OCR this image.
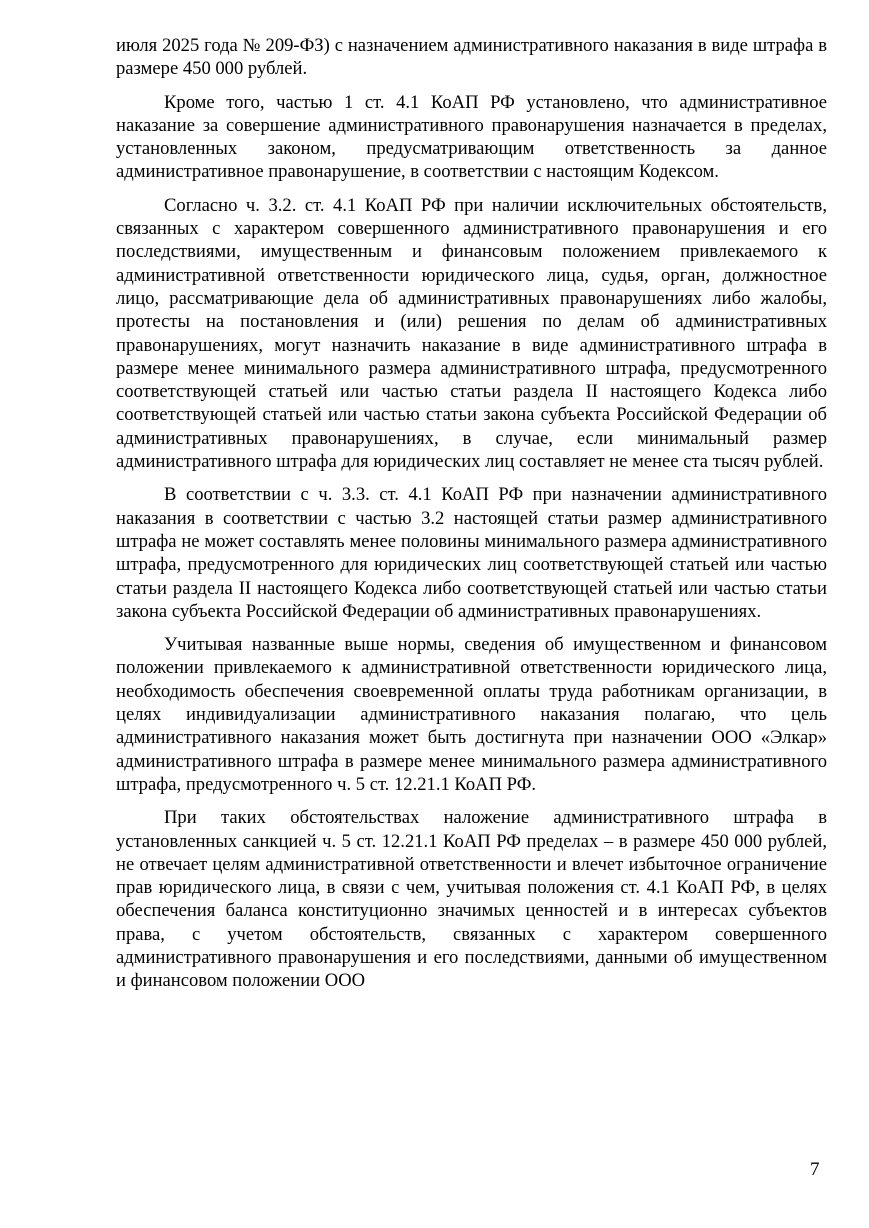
июля 2025 года № 209-ФЗ) с назначением административного наказания в виде штрафа в размере 450 000 рублей.

Кроме того, частью 1 ст. 4.1 КоАП РФ установлено, что административное наказание за совершение административного правонарушения назначается в пределах, установленных законом, предусматривающим ответственность за данное административное правонарушение, в соответствии с настоящим Кодексом.

Согласно ч. 3.2. ст. 4.1 КоАП РФ при наличии исключительных обстоятельств, связанных с характером совершенного административного правонарушения и его последствиями, имущественным и финансовым положением привлекаемого к административной ответственности юридического лица, судья, орган, должностное лицо, рассматривающие дела об административных правонарушениях либо жалобы, протесты на постановления и (или) решения по делам об административных правонарушениях, могут назначить наказание в виде административного штрафа в размере менее минимального размера административного штрафа, предусмотренного соответствующей статьей или частью статьи раздела II настоящего Кодекса либо соответствующей статьей или частью статьи закона субъекта Российской Федерации об административных правонарушениях, в случае, если минимальный размер административного штрафа для юридических лиц составляет не менее ста тысяч рублей.

В соответствии с ч. 3.3. ст. 4.1 КоАП РФ при назначении административного наказания в соответствии с частью 3.2 настоящей статьи размер административного штрафа не может составлять менее половины минимального размера административного штрафа, предусмотренного для юридических лиц соответствующей статьей или частью статьи раздела II настоящего Кодекса либо соответствующей статьей или частью статьи закона субъекта Российской Федерации об административных правонарушениях.

Учитывая названные выше нормы, сведения об имущественном и финансовом положении привлекаемого к административной ответственности юридического лица, необходимость обеспечения своевременной оплаты труда работникам организации, в целях индивидуализации административного наказания полагаю, что цель административного наказания может быть достигнута при назначении ООО «Элкар» административного штрафа в размере менее минимального размера административного штрафа, предусмотренного ч. 5 ст. 12.21.1 КоАП РФ.

При таких обстоятельствах наложение административного штрафа в установленных санкцией ч. 5 ст. 12.21.1 КоАП РФ пределах – в размере 450 000 рублей, не отвечает целям административной ответственности и влечет избыточное ограничение прав юридического лица, в связи с чем, учитывая положения ст. 4.1 КоАП РФ, в целях обеспечения баланса конституционно значимых ценностей и в интересах субъектов права, с учетом обстоятельств, связанных с характером совершенного административного правонарушения и его последствиями, данными об имущественном и финансовом положении ООО

7
